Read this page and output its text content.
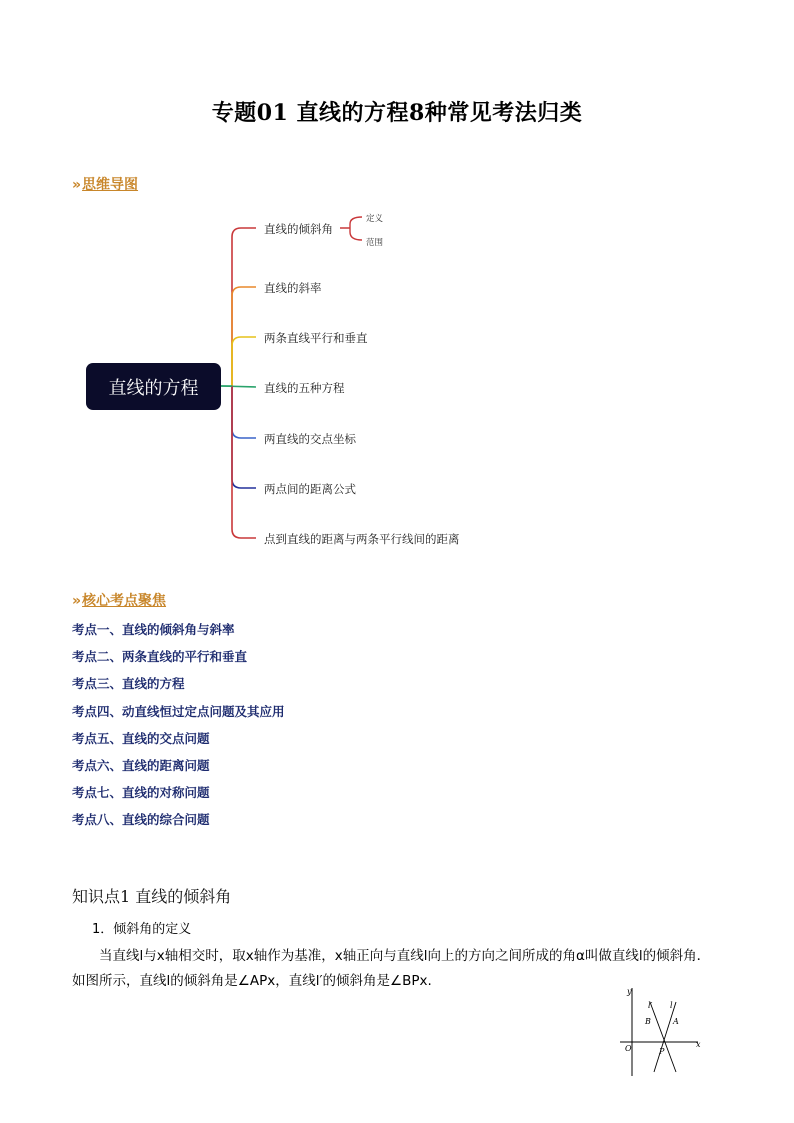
专题01 直线的方程8种常见考法归类
» 思维导图
直线的方程
直线的倾斜角
直线的斜率
两条直线平行和垂直
直线的五种方程
两直线的交点坐标
两点间的距离公式
点到直线的距离与两条平行线间的距离
定义
范围
» 核心考点聚焦
考点一、直线的倾斜角与斜率
考点二、两条直线的平行和垂直
考点三、直线的方程
考点四、动直线恒过定点问题及其应用
考点五、直线的交点问题
考点六、直线的距离问题
考点七、直线的对称问题
考点八、直线的综合问题
知识点1 直线的倾斜角
1．倾斜角的定义
当直线l与x轴相交时，取x轴作为基准，x轴正向与直线l向上的方向之间所成的角α叫做直线l的倾斜角．如图所示，直线l的倾斜角是∠APx，直线l′的倾斜角是∠BPx.
y
x
O	P
A
B
l
l′
